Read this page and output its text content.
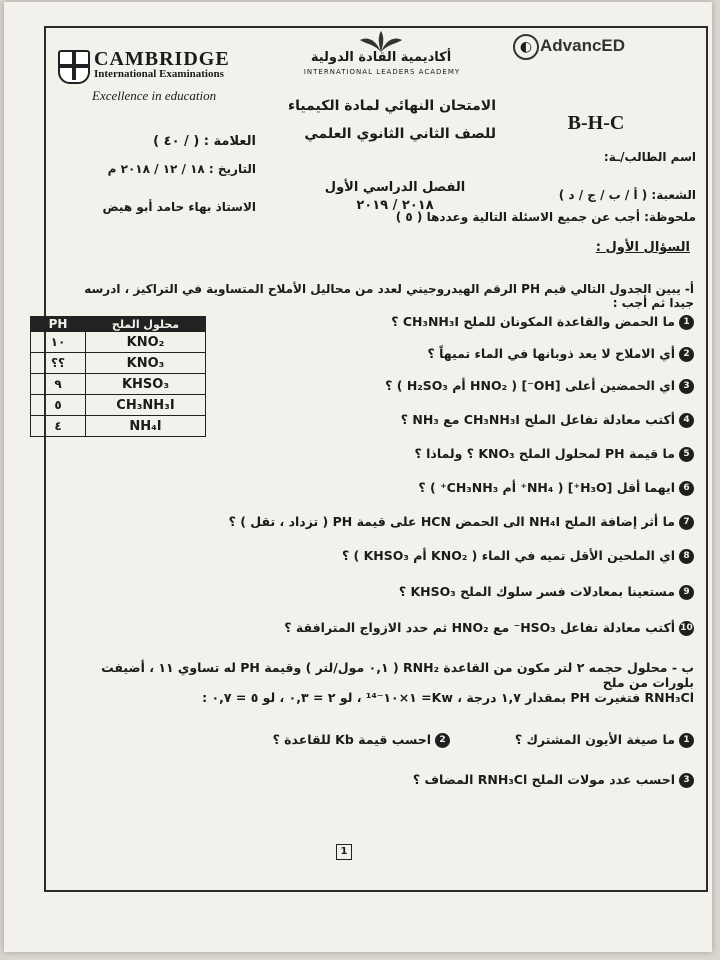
CAMBRIDGE
International Examinations
Excellence in education
أكاديمية القادة الدولية
INTERNATIONAL LEADERS ACADEMY
◐ AdvancED
الامتحان النهائي لمادة الكيمياء
للصف الثاني الثانوي العلمي
العلامة : ( / ٤٠ )
التاريخ : ١٨ / ١٢ / ٢٠١٨ م
الاستاذ بهاء حامد أبو هيض
الفصل الدراسي الأول
٢٠١٨ / ٢٠١٩
B-H-C
اسم الطالب/ـة:
الشعبة: ( أ / ب / ج / د )
ملحوظة: أجب عن جميع الاسئلة التالية وعددها ( ٥ )
السؤال الأول :
أ- يبين الجدول التالي قيم PH الرقم الهيدروجيني لعدد من محاليل الأملاح المتساوية في التراكيز ، ادرسه جيدا ثم أجب :
PH	محلول الملح
١٠	KNO₂
؟؟	KNO₃
٩	KHSO₃
٥	CH₃NH₃I
٤	NH₄I
1ما الحمض والقاعدة المكونان للملح CH₃NH₃I ؟
2أي الاملاح لا يعد ذوبانها في الماء تميهاً ؟
3اي الحمضين أعلى [OH⁻] ( HNO₂ أم H₂SO₃ ) ؟
4أكتب معادلة تفاعل الملح CH₃NH₃I مع NH₃ ؟
5ما قيمة PH لمحلول الملح KNO₃ ؟ ولماذا ؟
6ايهما أقل [H₃O⁺] ( NH₄⁺ أم CH₃NH₃⁺ ) ؟
7ما أثر إضافة الملح NH₄I الى الحمض HCN على قيمة PH ( تزداد ، تقل ) ؟
8اي الملحين الأقل تميه في الماء ( KNO₂ أم KHSO₃ ) ؟
9مستعينا بمعادلات فسر سلوك الملح KHSO₃ ؟
10أكتب معادلة تفاعل HSO₃⁻ مع HNO₂ ثم حدد الازواج المترافقة ؟
ب - محلول حجمه ٢ لتر مكون من القاعدة RNH₂ ( ٠,١ مول/لتر ) وقيمة PH له تساوي ١١ ، أضيفت بلورات من ملح
RNH₃Cl فتغيرت PH بمقدار ١,٧ درجة ، Kw= ١×١٠⁻¹⁴ ، لو ٢ = ٠,٣ ، لو ٥ = ٠,٧ :
1ما صيغة الأيون المشترك ؟
2احسب قيمة Kb للقاعدة ؟
3احسب عدد مولات الملح RNH₃Cl المضاف ؟
1
